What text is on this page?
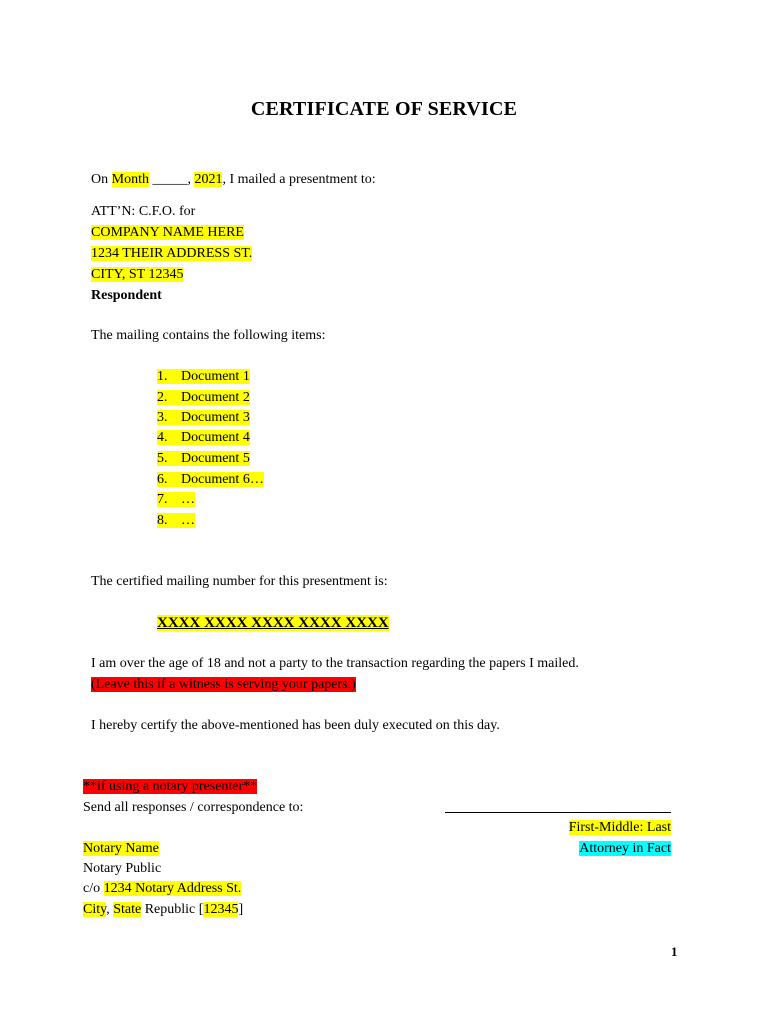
CERTIFICATE OF SERVICE
On Month _____, 2021, I mailed a presentment to:
ATT’N: C.F.O. for
COMPANY NAME HERE
1234 THEIR ADDRESS ST.
CITY, ST 12345
Respondent
The mailing contains the following items:
1. Document 1
2. Document 2
3. Document 3
4. Document 4
5. Document 5
6. Document 6…
7. …
8. …
The certified mailing number for this presentment is:
XXXX XXXX XXXX XXXX XXXX
I am over the age of 18 and not a party to the transaction regarding the papers I mailed.
(Leave this if a witness is serving your papers.)
I hereby certify the above-mentioned has been duly executed on this day.
**if using a notary presenter**
Send all responses / correspondence to:
First-Middle: Last
Attorney in Fact
Notary Name
Notary Public
c/o 1234 Notary Address St.
City, State Republic [12345]
1
